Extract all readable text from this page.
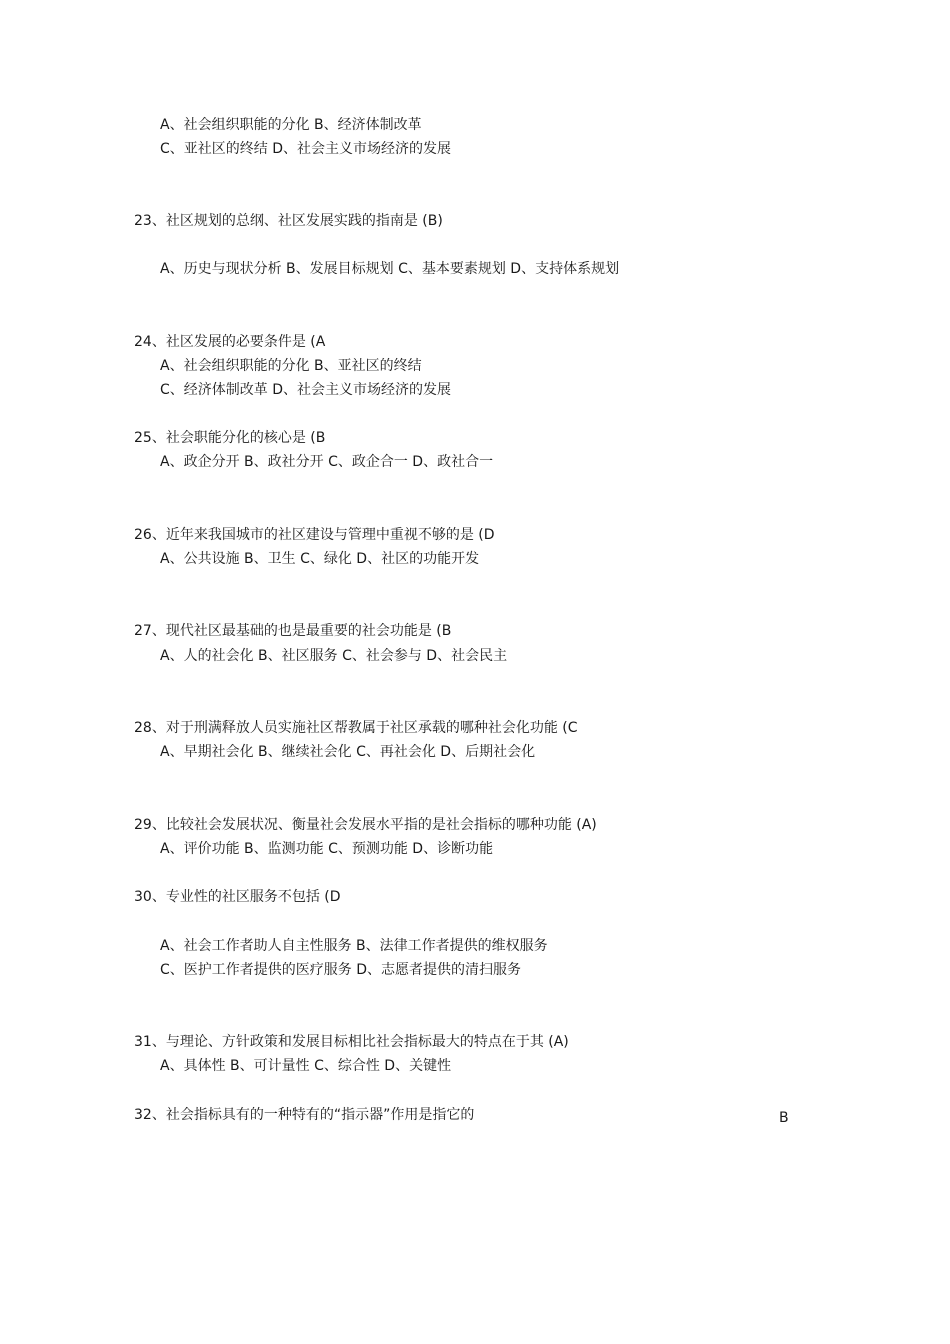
A、社会组织职能的分化 B、经济体制改革
C、亚社区的终结 D、社会主义市场经济的发展
23、社区规划的总纲、社区发展实践的指南是 (B)
A、历史与现状分析 B、发展目标规划 C、基本要素规划 D、支持体系规划
24、社区发展的必要条件是 (A
A、社会组织职能的分化 B、亚社区的终结
C、经济体制改革 D、社会主义市场经济的发展
25、社会职能分化的核心是 (B
A、政企分开 B、政社分开 C、政企合一 D、政社合一
26、近年来我国城市的社区建设与管理中重视不够的是 (D
A、公共设施 B、卫生 C、绿化 D、社区的功能开发
27、现代社区最基础的也是最重要的社会功能是 (B
A、人的社会化 B、社区服务 C、社会参与 D、社会民主
28、对于刑满释放人员实施社区帮教属于社区承载的哪种社会化功能 (C
A、早期社会化 B、继续社会化 C、再社会化 D、后期社会化
29、比较社会发展状况、衡量社会发展水平指的是社会指标的哪种功能 (A)
A、评价功能 B、监测功能 C、预测功能 D、诊断功能
30、专业性的社区服务不包括 (D
A、社会工作者助人自主性服务 B、法律工作者提供的维权服务
C、医护工作者提供的医疗服务 D、志愿者提供的清扫服务
31、与理论、方针政策和发展目标相比社会指标最大的特点在于其 (A)
A、具体性 B、可计量性 C、综合性 D、关键性
32、社会指标具有的一种特有的“指示器”作用是指它的	B
